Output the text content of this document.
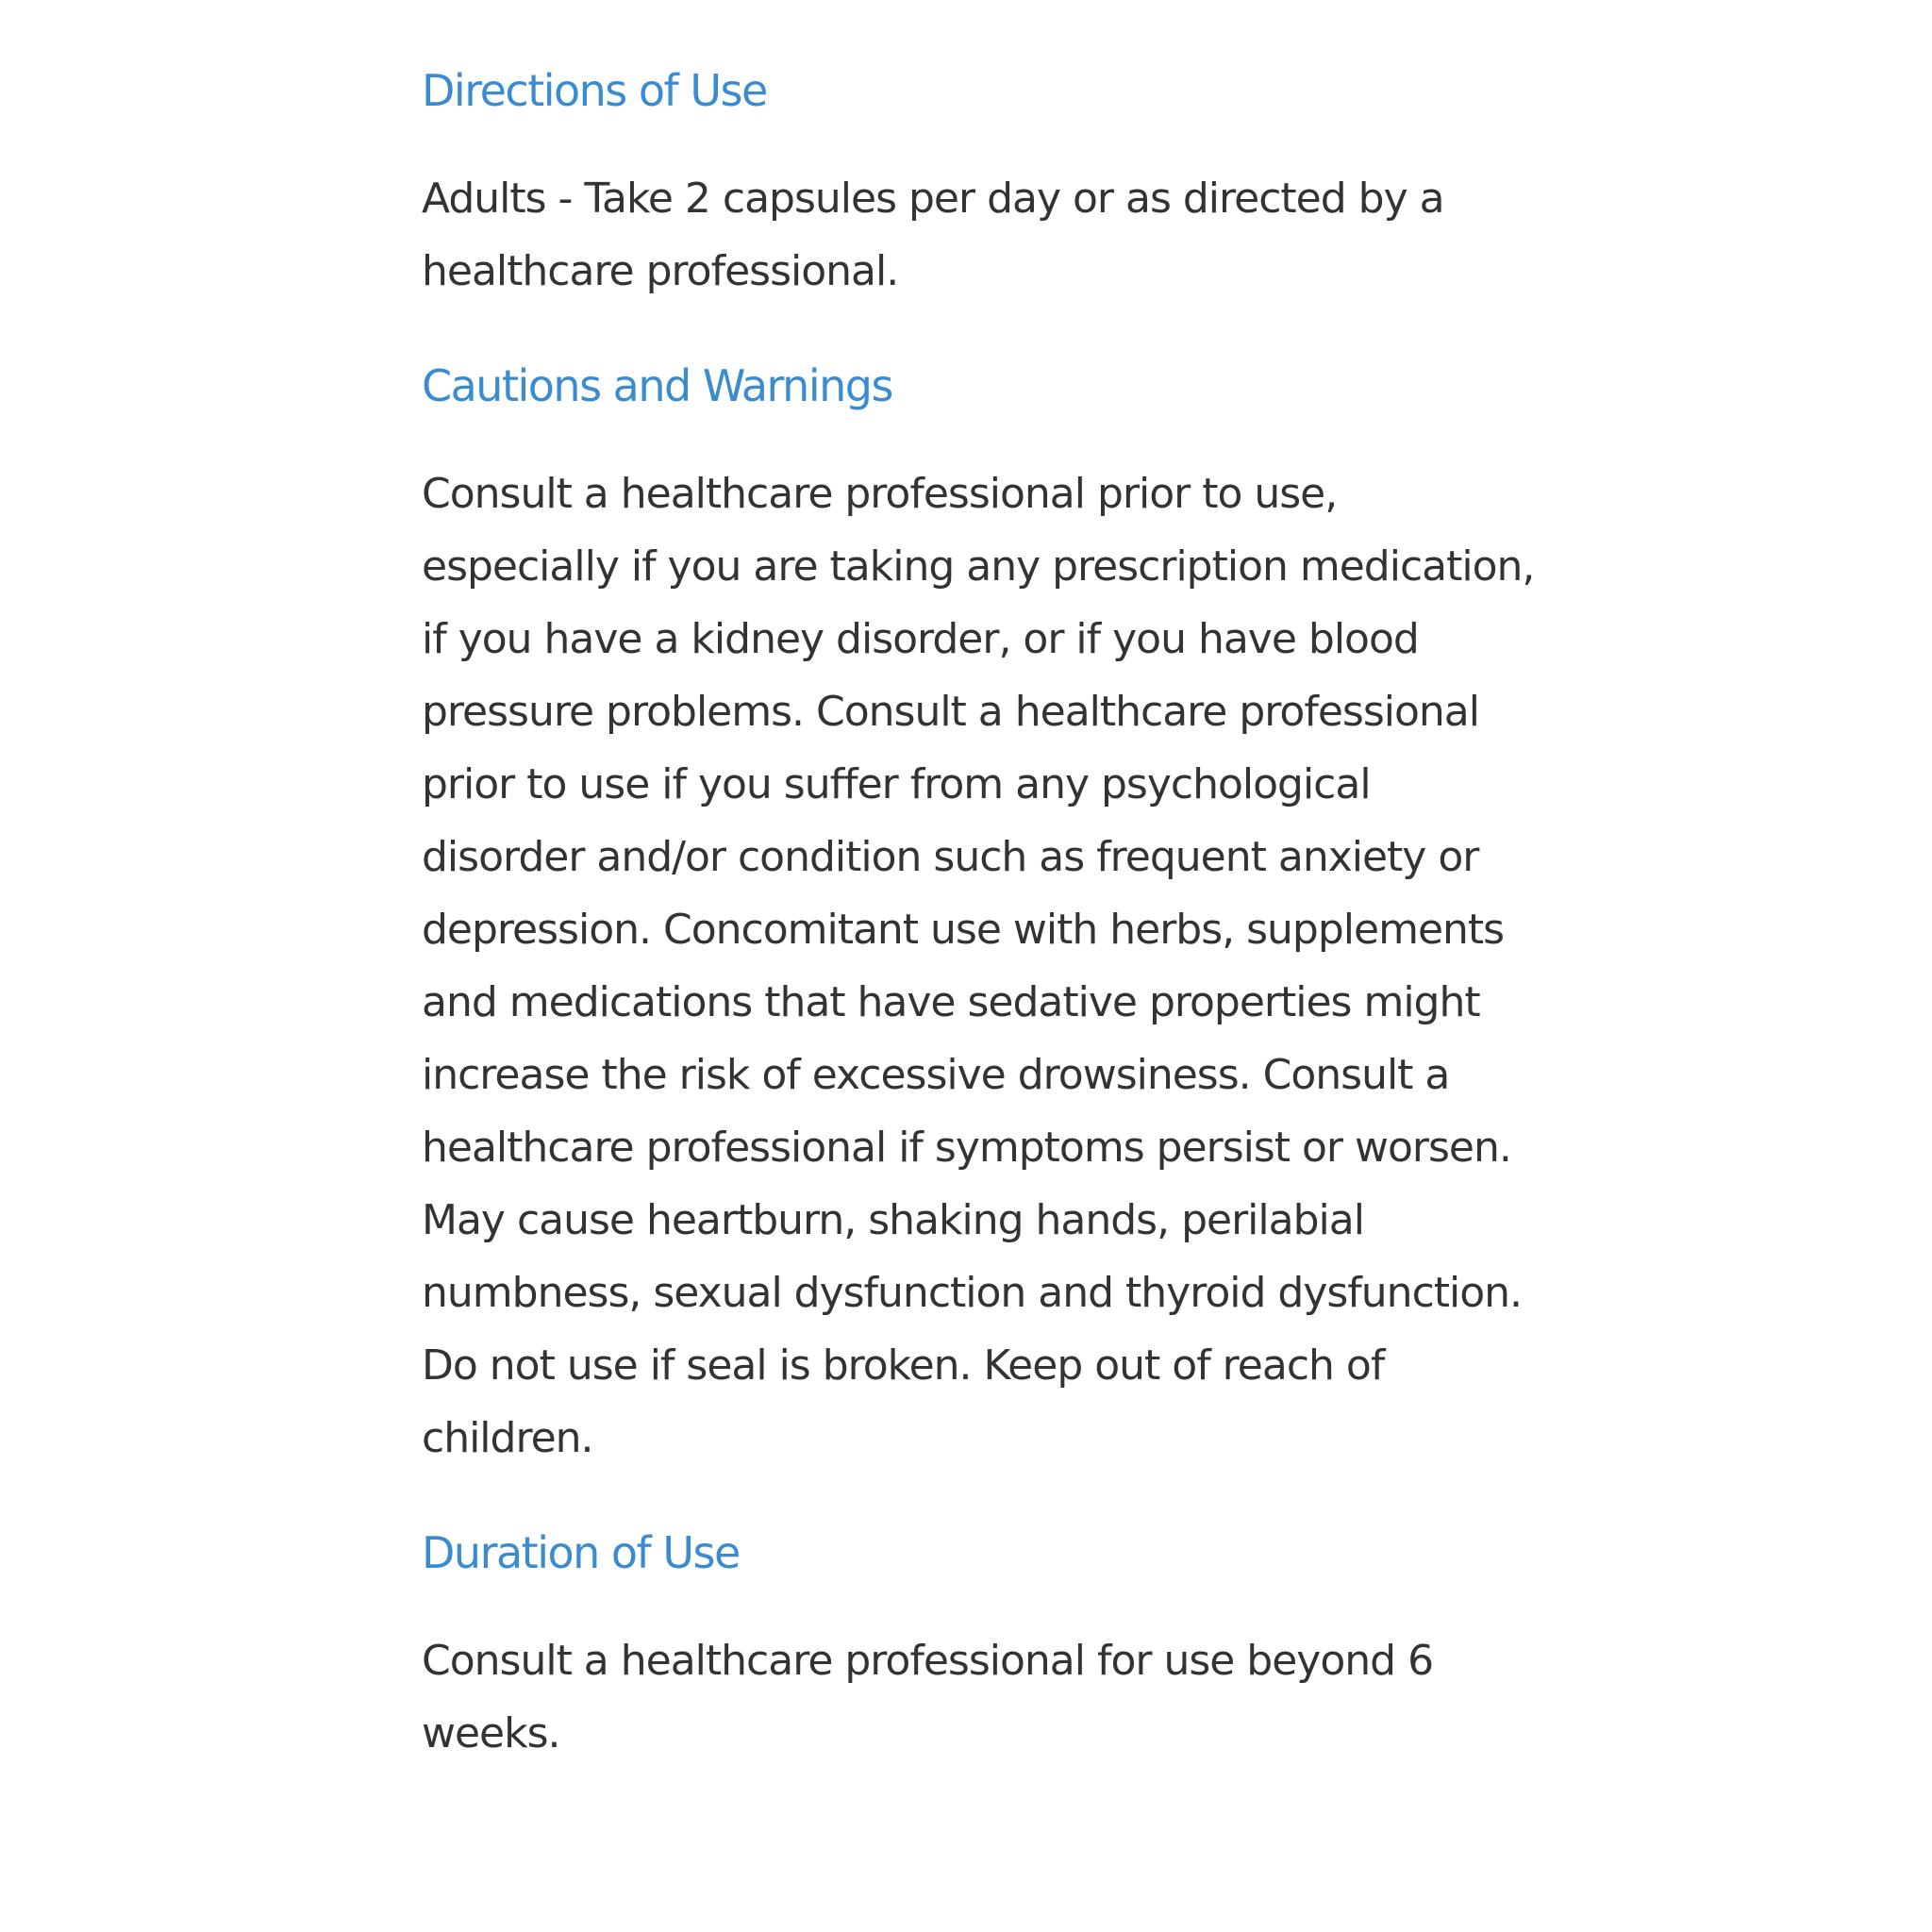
Directions of Use

Adults - Take 2 capsules per day or as directed by a healthcare professional.

Cautions and Warnings

Consult a healthcare professional prior to use, especially if you are taking any prescription medication, if you have a kidney disorder, or if you have blood pressure problems. Consult a healthcare professional prior to use if you suffer from any psychological disorder and/or condition such as frequent anxiety or depression. Concomitant use with herbs, supplements and medications that have sedative properties might increase the risk of excessive drowsiness. Consult a healthcare professional if symptoms persist or worsen. May cause heartburn, shaking hands, perilabial numbness, sexual dysfunction and thyroid dysfunction. Do not use if seal is broken. Keep out of reach of children.

Duration of Use

Consult a healthcare professional for use beyond 6 weeks.
